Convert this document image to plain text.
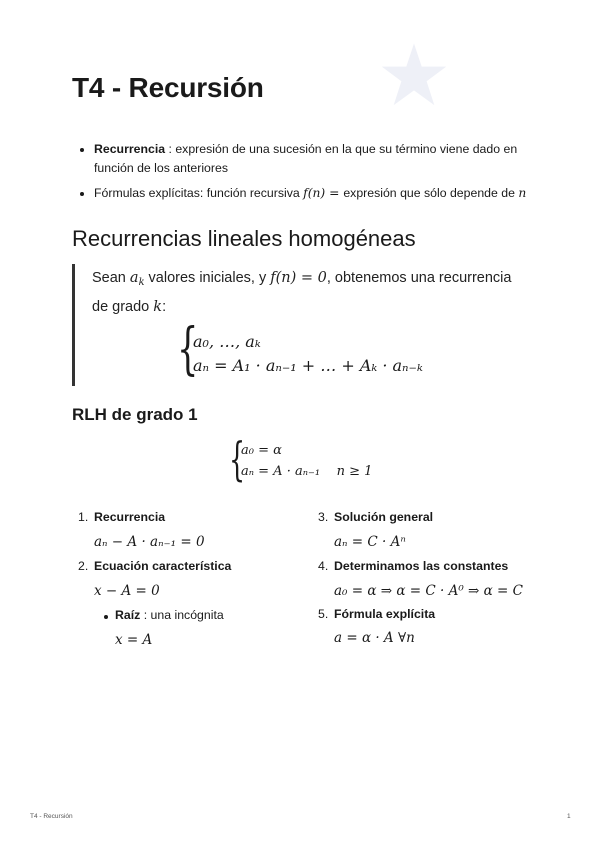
T4 - Recursión
Recurrencia : expresión de una sucesión en la que su término viene dado en función de los anteriores
Fórmulas explícitas: función recursiva f(n) = expresión que sólo depende de n
Recurrencias lineales homogéneas
Sean $a_k$ valores iniciales, y f(n) = 0, obtenemos una recurrencia de grado k:
{
a₀, …, aₖ
aₙ = A₁ · aₙ₋₁ + … + Aₖ · aₙ₋ₖ
RLH de grado 1
{
a₀ = α
aₙ = A · aₙ₋₁ n ≥ 1
1. Recurrencia
aₙ − A · aₙ₋₁ = 0
2. Ecuación característica
x − A = 0
Raíz : una incógnita
x = A
3. Solución general
aₙ = C · Aⁿ
4. Determinamos las constantes
a₀ = α ⇒ α = C · A⁰ ⇒ α = C
5. Fórmula explícita
a = α · A ∀n
T4 - Recursión	1
